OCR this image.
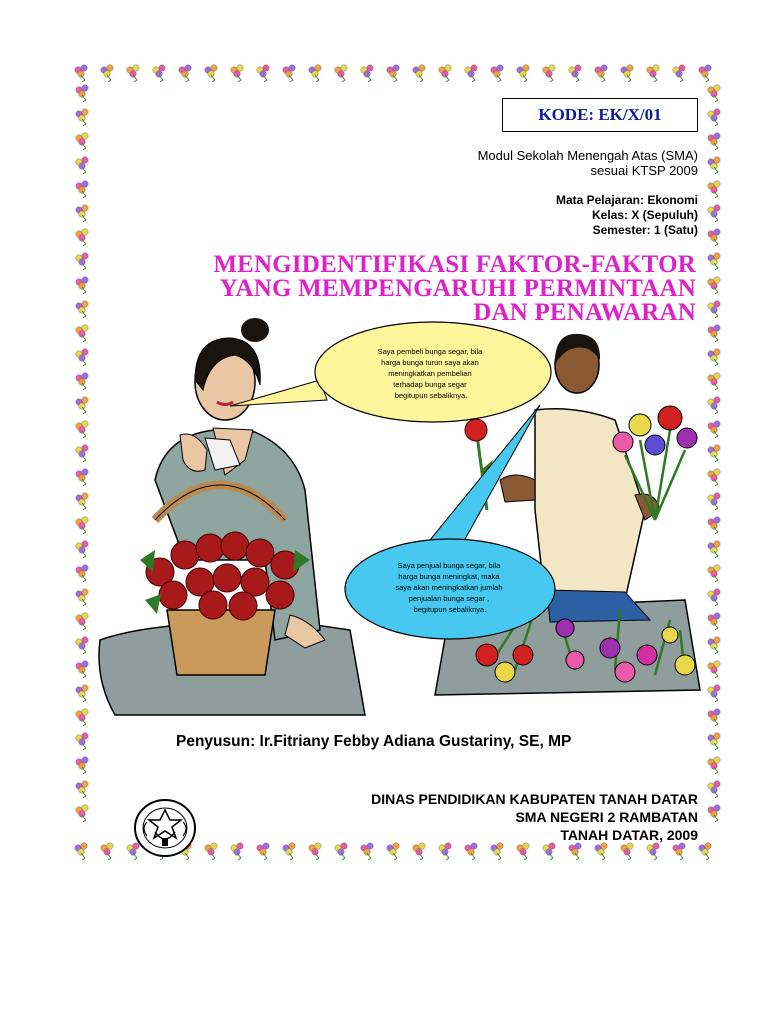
KODE: EK/X/01
Modul Sekolah Menengah Atas (SMA)
sesuai KTSP 2009
Mata Pelajaran: Ekonomi
Kelas: X (Sepuluh)
Semester: 1 (Satu)
MENGIDENTIFIKASI FAKTOR-FAKTOR
YANG MEMPENGARUHI PERMINTAAN
DAN PENAWARAN
Saya pembeli bunga segar, bila harga bunga turun saya akan meningkatkan pembelian terhadap bunga segar begitupun sebaliknya.
Saya penjual bunga segar, bila harga bunga meningkat, maka saya akan meningkatkan jumlah penjualan bunga segar , begitupun sebaliknya.
Penyusun: Ir.Fitriany Febby Adiana Gustariny, SE, MP
DINAS PENDIDIKAN KABUPATEN TANAH DATAR
SMA NEGERI 2 RAMBATAN
TANAH DATAR, 2009
